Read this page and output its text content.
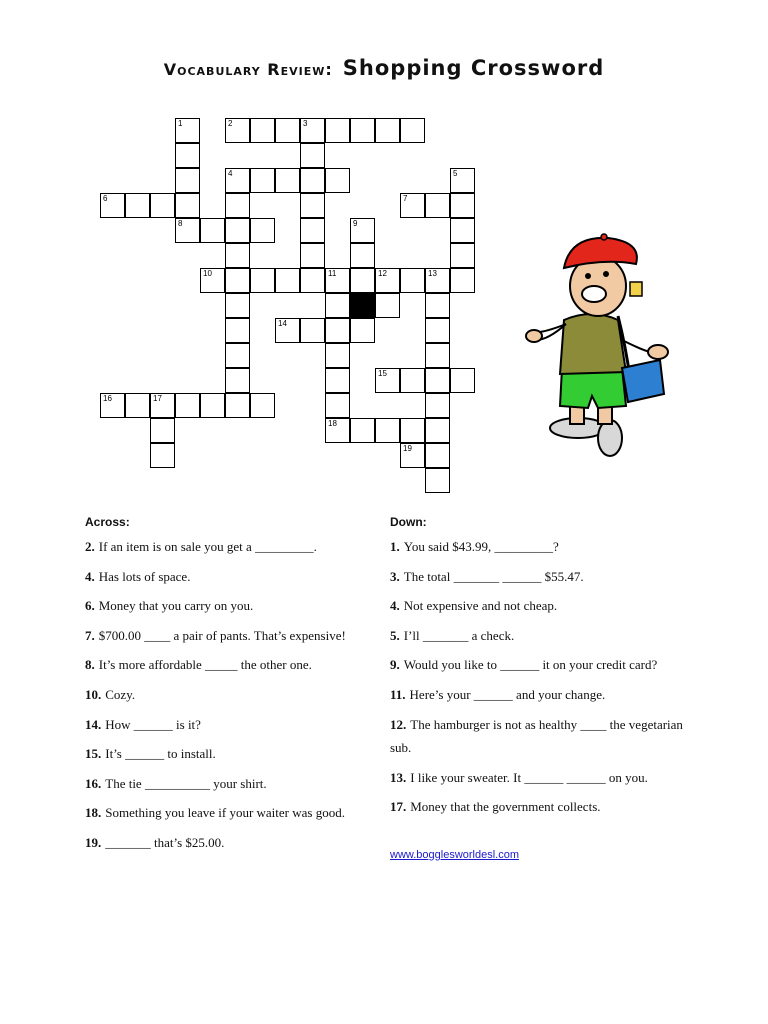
Vocabulary Review: Shopping Crossword
1	2	3
4	5
6	7
8	9
10	11	12	13
14
15
16	17
18
19
Across:
2. If an item is on sale you get a _________.
4. Has lots of space.
6. Money that you carry on you.
7. $700.00 ____ a pair of pants. That’s expensive!
8. It’s more affordable _____ the other one.
10. Cozy.
14. How ______ is it?
15. It’s ______ to install.
16. The tie __________ your shirt.
18. Something you leave if your waiter was good.
19. _______ that’s $25.00.
Down:
1. You said $43.99, _________?
3. The total _______ ______ $55.47.
4. Not expensive and not cheap.
5. I’ll _______ a check.
9. Would you like to ______ it on your credit card?
11. Here’s your ______ and your change.
12. The hamburger is not as healthy ____ the vegetarian sub.
13. I like your sweater. It ______ ______ on you.
17. Money that the government collects.
www.bogglesworldesl.com
